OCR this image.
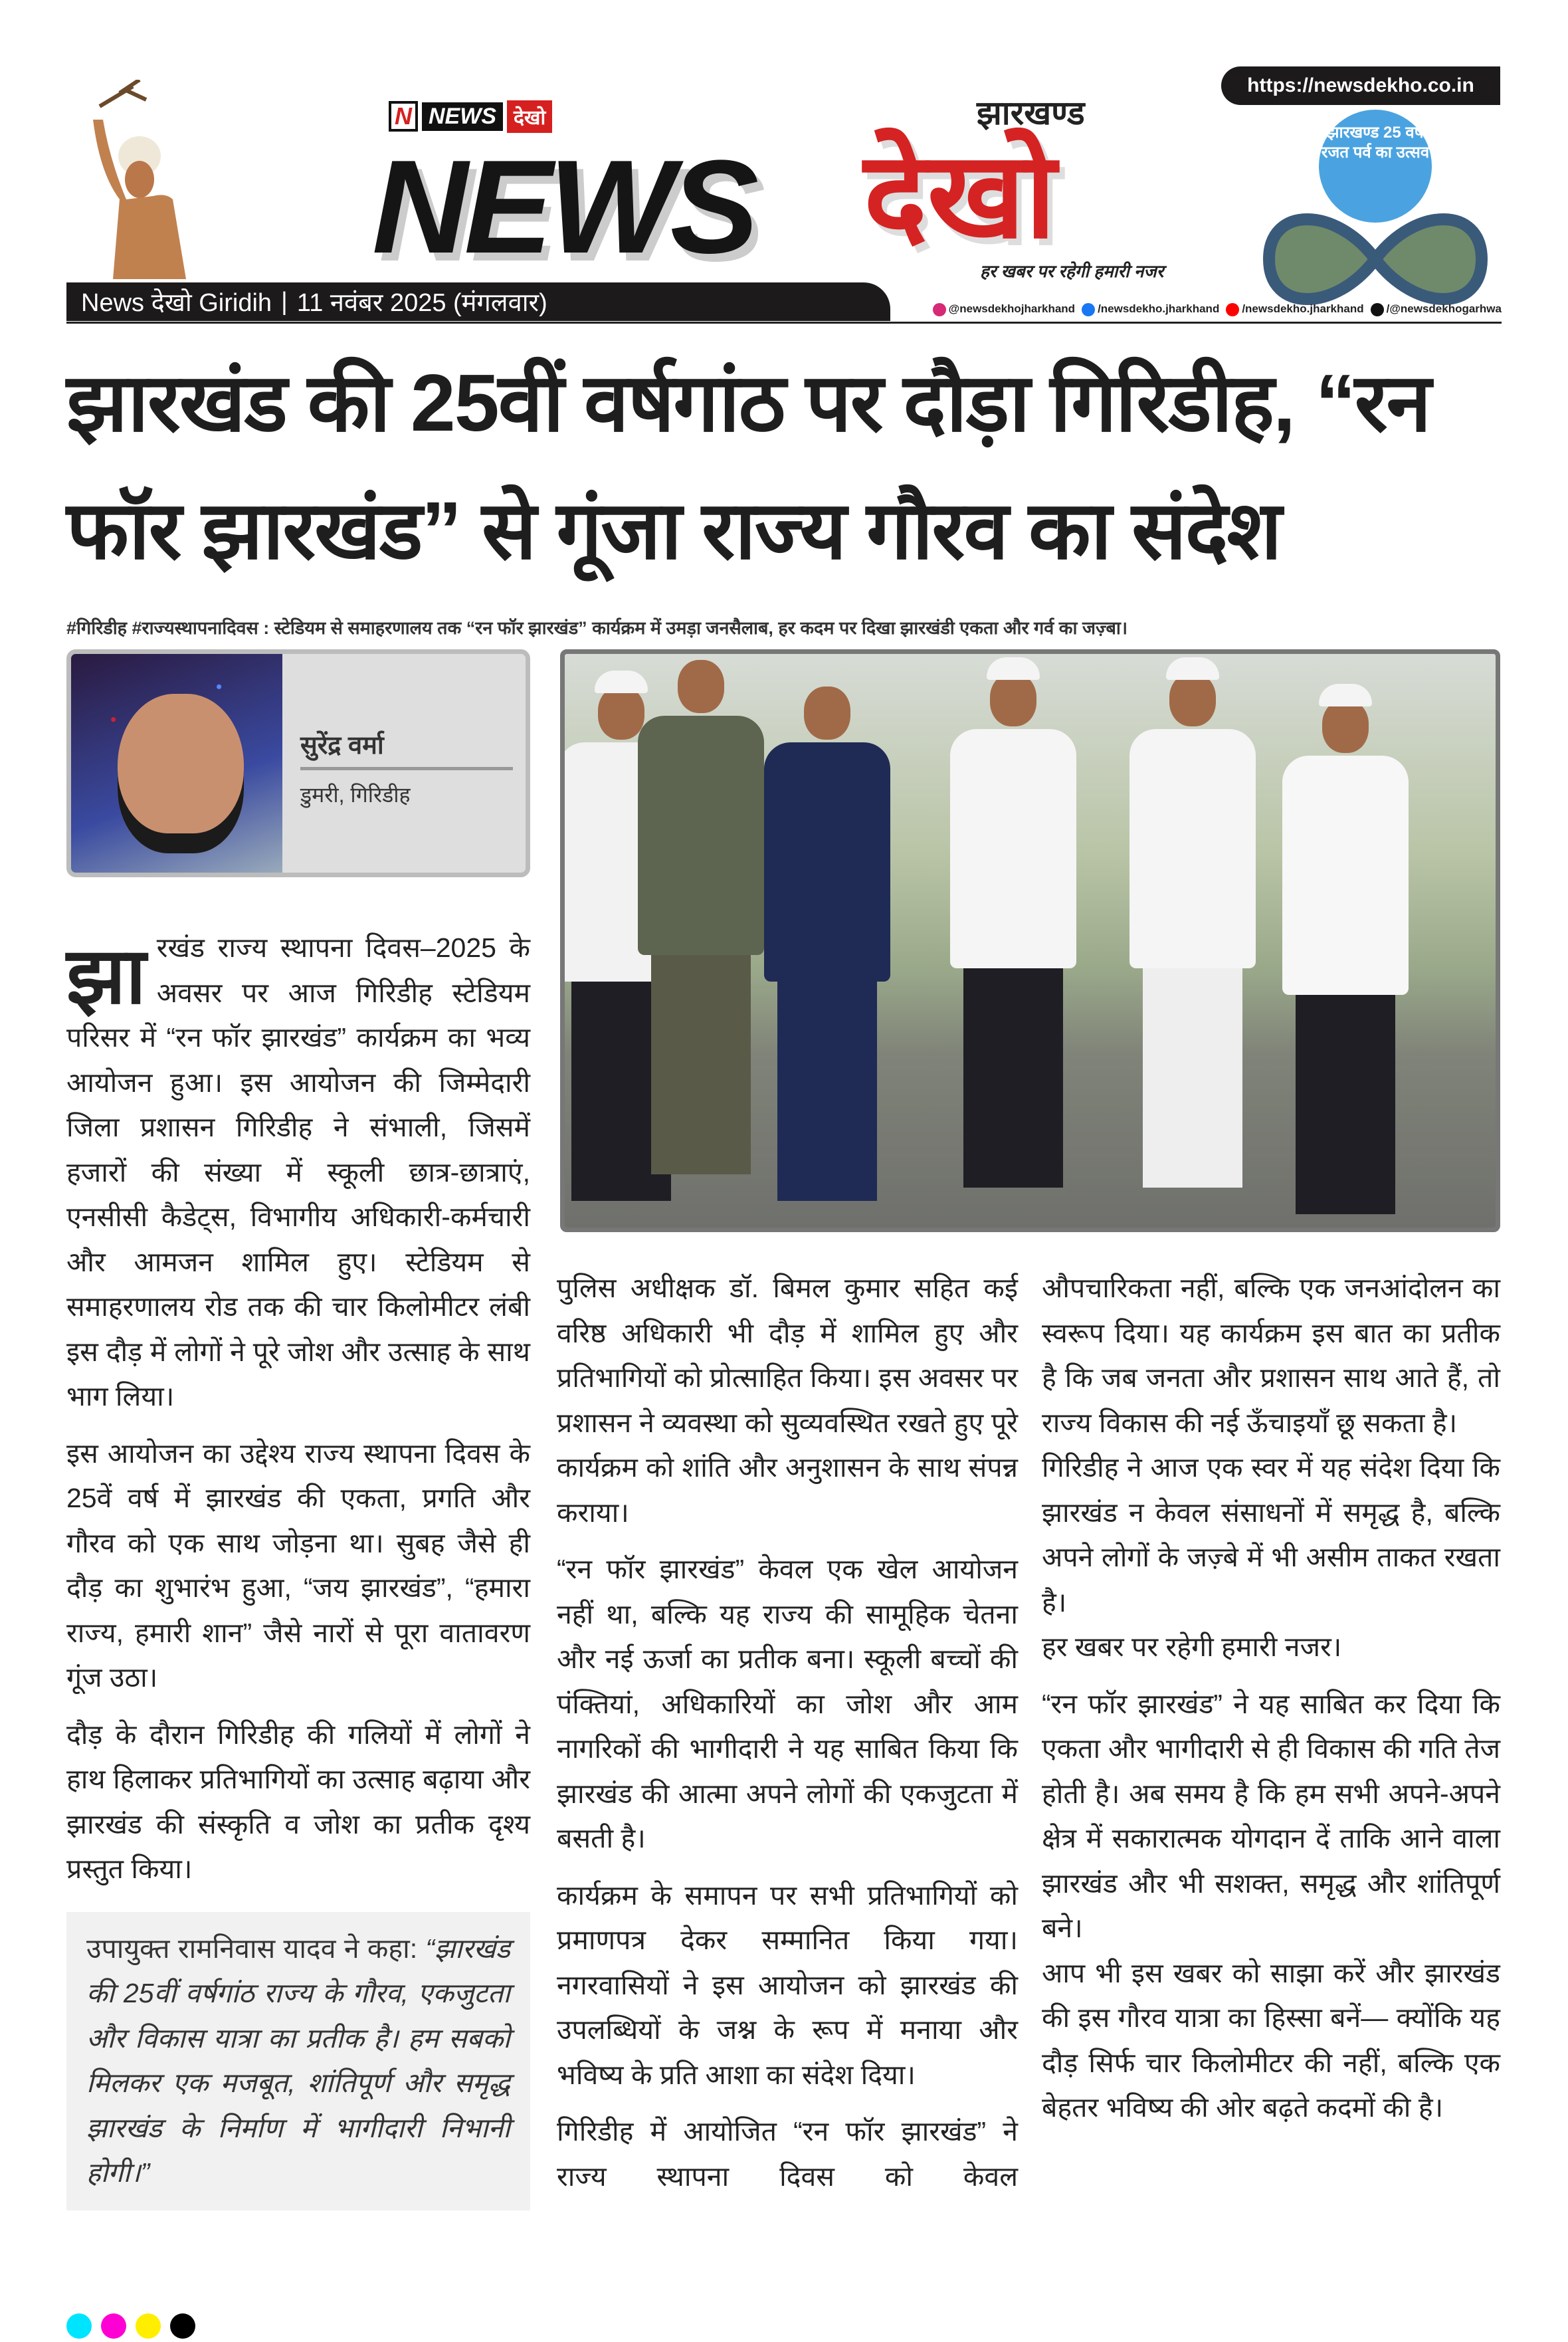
https://newsdekho.co.in
N NEWS देखो
NEWS देखो
झारखण्ड
हर खबर पर रहेगी हमारी नजर
झारखण्ड 25 वर्ष रजत पर्व का उत्सव
News देखो Giridih | 11 नवंबर 2025 (मंगलवार)	@newsdekhojharkhand	/newsdekho.jharkhand	/newsdekho.jharkhand	/@newsdekhogarhwa
झारखंड की 25वीं वर्षगांठ पर दौड़ा गिरिडीह, “रन फॉर झारखंड” से गूंजा राज्य गौरव का संदेश
#गिरिडीह #राज्यस्थापनादिवस : स्टेडियम से समाहरणालय तक “रन फॉर झारखंड” कार्यक्रम में उमड़ा जनसैलाब, हर कदम पर दिखा झारखंडी एकता और गर्व का जज़्बा।
सुरेंद्र वर्मा
डुमरी, गिरिडीह

झारखंड राज्य स्थापना दिवस–2025 के अवसर पर आज गिरिडीह स्टेडियम परिसर में “रन फॉर झारखंड” कार्यक्रम का भव्य आयोजन हुआ। इस आयोजन की जिम्मेदारी जिला प्रशासन गिरिडीह ने संभाली, जिसमें हजारों की संख्या में स्कूली छात्र-छात्राएं, एनसीसी कैडेट्स, विभागीय अधिकारी-कर्मचारी और आमजन शामिल हुए। स्टेडियम से समाहरणालय रोड तक की चार किलोमीटर लंबी इस दौड़ में लोगों ने पूरे जोश और उत्साह के साथ भाग लिया।

इस आयोजन का उद्देश्य राज्य स्थापना दिवस के 25वें वर्ष में झारखंड की एकता, प्रगति और गौरव को एक साथ जोड़ना था। सुबह जैसे ही दौड़ का शुभारंभ हुआ, “जय झारखंड”, “हमारा राज्य, हमारी शान” जैसे नारों से पूरा वातावरण गूंज उठा।

दौड़ के दौरान गिरिडीह की गलियों में लोगों ने हाथ हिलाकर प्रतिभागियों का उत्साह बढ़ाया और झारखंड की संस्कृति व जोश का प्रतीक दृश्य प्रस्तुत किया।

उपायुक्त रामनिवास यादव ने कहा: “झारखंड की 25वीं वर्षगांठ राज्य के गौरव, एकजुटता और विकास यात्रा का प्रतीक है। हम सबको मिलकर एक मजबूत, शांतिपूर्ण और समृद्ध झारखंड के निर्माण में भागीदारी निभानी होगी।”

पुलिस अधीक्षक डॉ. बिमल कुमार सहित कई वरिष्ठ अधिकारी भी दौड़ में शामिल हुए और प्रतिभागियों को प्रोत्साहित किया। इस अवसर पर प्रशासन ने व्यवस्था को सुव्यवस्थित रखते हुए पूरे कार्यक्रम को शांति और अनुशासन के साथ संपन्न कराया।

“रन फॉर झारखंड” केवल एक खेल आयोजन नहीं था, बल्कि यह राज्य की सामूहिक चेतना और नई ऊर्जा का प्रतीक बना। स्कूली बच्चों की पंक्तियां, अधिकारियों का जोश और आम नागरिकों की भागीदारी ने यह साबित किया कि झारखंड की आत्मा अपने लोगों की एकजुटता में बसती है।

कार्यक्रम के समापन पर सभी प्रतिभागियों को प्रमाणपत्र देकर सम्मानित किया गया। नगरवासियों ने इस आयोजन को झारखंड की उपलब्धियों के जश्न के रूप में मनाया और भविष्य के प्रति आशा का संदेश दिया।

गिरिडीह में आयोजित “रन फॉर झारखंड” ने राज्य स्थापना दिवस को केवल

औपचारिकता नहीं, बल्कि एक जनआंदोलन का स्वरूप दिया। यह कार्यक्रम इस बात का प्रतीक है कि जब जनता और प्रशासन साथ आते हैं, तो राज्य विकास की नई ऊँचाइयाँ छू सकता है।

गिरिडीह ने आज एक स्वर में यह संदेश दिया कि झारखंड न केवल संसाधनों में समृद्ध है, बल्कि अपने लोगों के जज़्बे में भी असीम ताकत रखता है।

हर खबर पर रहेगी हमारी नजर।

“रन फॉर झारखंड” ने यह साबित कर दिया कि एकता और भागीदारी से ही विकास की गति तेज होती है। अब समय है कि हम सभी अपने-अपने क्षेत्र में सकारात्मक योगदान दें ताकि आने वाला झारखंड और भी सशक्त, समृद्ध और शांतिपूर्ण बने।

आप भी इस खबर को साझा करें और झारखंड की इस गौरव यात्रा का हिस्सा बनें— क्योंकि यह दौड़ सिर्फ चार किलोमीटर की नहीं, बल्कि एक बेहतर भविष्य की ओर बढ़ते कदमों की है।
